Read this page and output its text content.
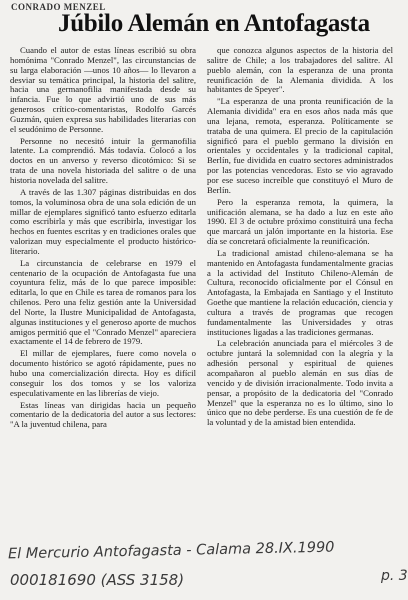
CONRADO MENZEL
Júbilo Alemán en Antofagasta

Cuando el autor de estas líneas escribió su obra homónima "Conrado Menzel", las circunstancias de su larga elaboración —unos 10 años— lo llevaron a desviar su temática principal, la historia del salitre, hacia una germanofilia manifestada desde su infancia. Fue lo que advirtió uno de sus más generosos crítico-comentaristas, Rodolfo Garcés Guzmán, quien expresa sus habilidades literarias con el seudónimo de Personne.

Personne no necesitó intuir la germanofilia latente. La comprendió. Más todavía. Colocó a los doctos en un anverso y reverso dicotómico: Si se trata de una novela historiada del salitre o de una historia novelada del salitre.

A través de las 1.307 páginas distribuidas en dos tomos, la voluminosa obra de una sola edición de un millar de ejemplares significó tanto esfuerzo editarla como escribirla y más que escribirla, investigar los hechos en fuentes escritas y en tradiciones orales que valorizan muy especialmente el producto histórico-literario.

La circunstancia de celebrarse en 1979 el centenario de la ocupación de Antofagasta fue una coyuntura feliz, más de lo que parece imposible: editarla, lo que en Chile es tarea de romanos para los chilenos. Pero una feliz gestión ante la Universidad del Norte, la Ilustre Municipalidad de Antofagasta, algunas instituciones y el generoso aporte de muchos amigos permitió que el "Conrado Menzel" apareciera exactamente el 14 de febrero de 1979.

El millar de ejemplares, fuere como novela o documento histórico se agotó rápidamente, pues no hubo una comercialización directa. Hoy es difícil conseguir los dos tomos y se los valoriza especulativamente en las librerías de viejo.

Estas líneas van dirigidas hacia un pequeño comentario de la dedicatoria del autor a sus lectores: "A la juventud chilena, para

que conozca algunos aspectos de la historia del salitre de Chile; a los trabajadores del salitre. Al pueblo alemán, con la esperanza de una pronta reunificación de la Alemania dividida. A los habitantes de Speyer".

"La esperanza de una pronta reunificación de la Alemania dividida" era en esos años nada más que una lejana, remota, esperanza. Políticamente se trataba de una quimera. El precio de la capitulación significó para el pueblo germano la división en orientales y occidentales y la tradicional capital, Berlín, fue dividida en cuatro sectores administrados por las potencias vencedoras. Esto se vio agravado por ese suceso increíble que constituyó el Muro de Berlín.

Pero la esperanza remota, la quimera, la unificación alemana, se ha dado a luz en este año 1990. El 3 de octubre próximo constituirá una fecha que marcará un jalón importante en la historia. Ese día se concretará oficialmente la reunificación.

La tradicional amistad chileno-alemana se ha mantenido en Antofagasta fundamentalmente gracias a la actividad del Instituto Chileno-Alemán de Cultura, reconocido oficialmente por el Cónsul en Antofagasta, la Embajada en Santiago y el Instituto Goethe que mantiene la relación educación, ciencia y cultura a través de programas que recogen fundamentalmente las Universidades y otras instituciones ligadas a las tradiciones germanas.

La celebración anunciada para el miércoles 3 de octubre juntará la solemnidad con la alegría y la adhesión personal y espiritual de quienes acompañaron al pueblo alemán en sus días de vencido y de división irracionalmente. Todo invita a pensar, a propósito de la dedicatoria del "Conrado Menzel" que la esperanza no es lo último, sino lo único que no debe perderse. Es una cuestión de fe de la voluntad y de la amistad bien entendida.

El Mercurio Antofagasta - Calama 28.IX.1990
000181690 (ASS 3158)	p. 3
